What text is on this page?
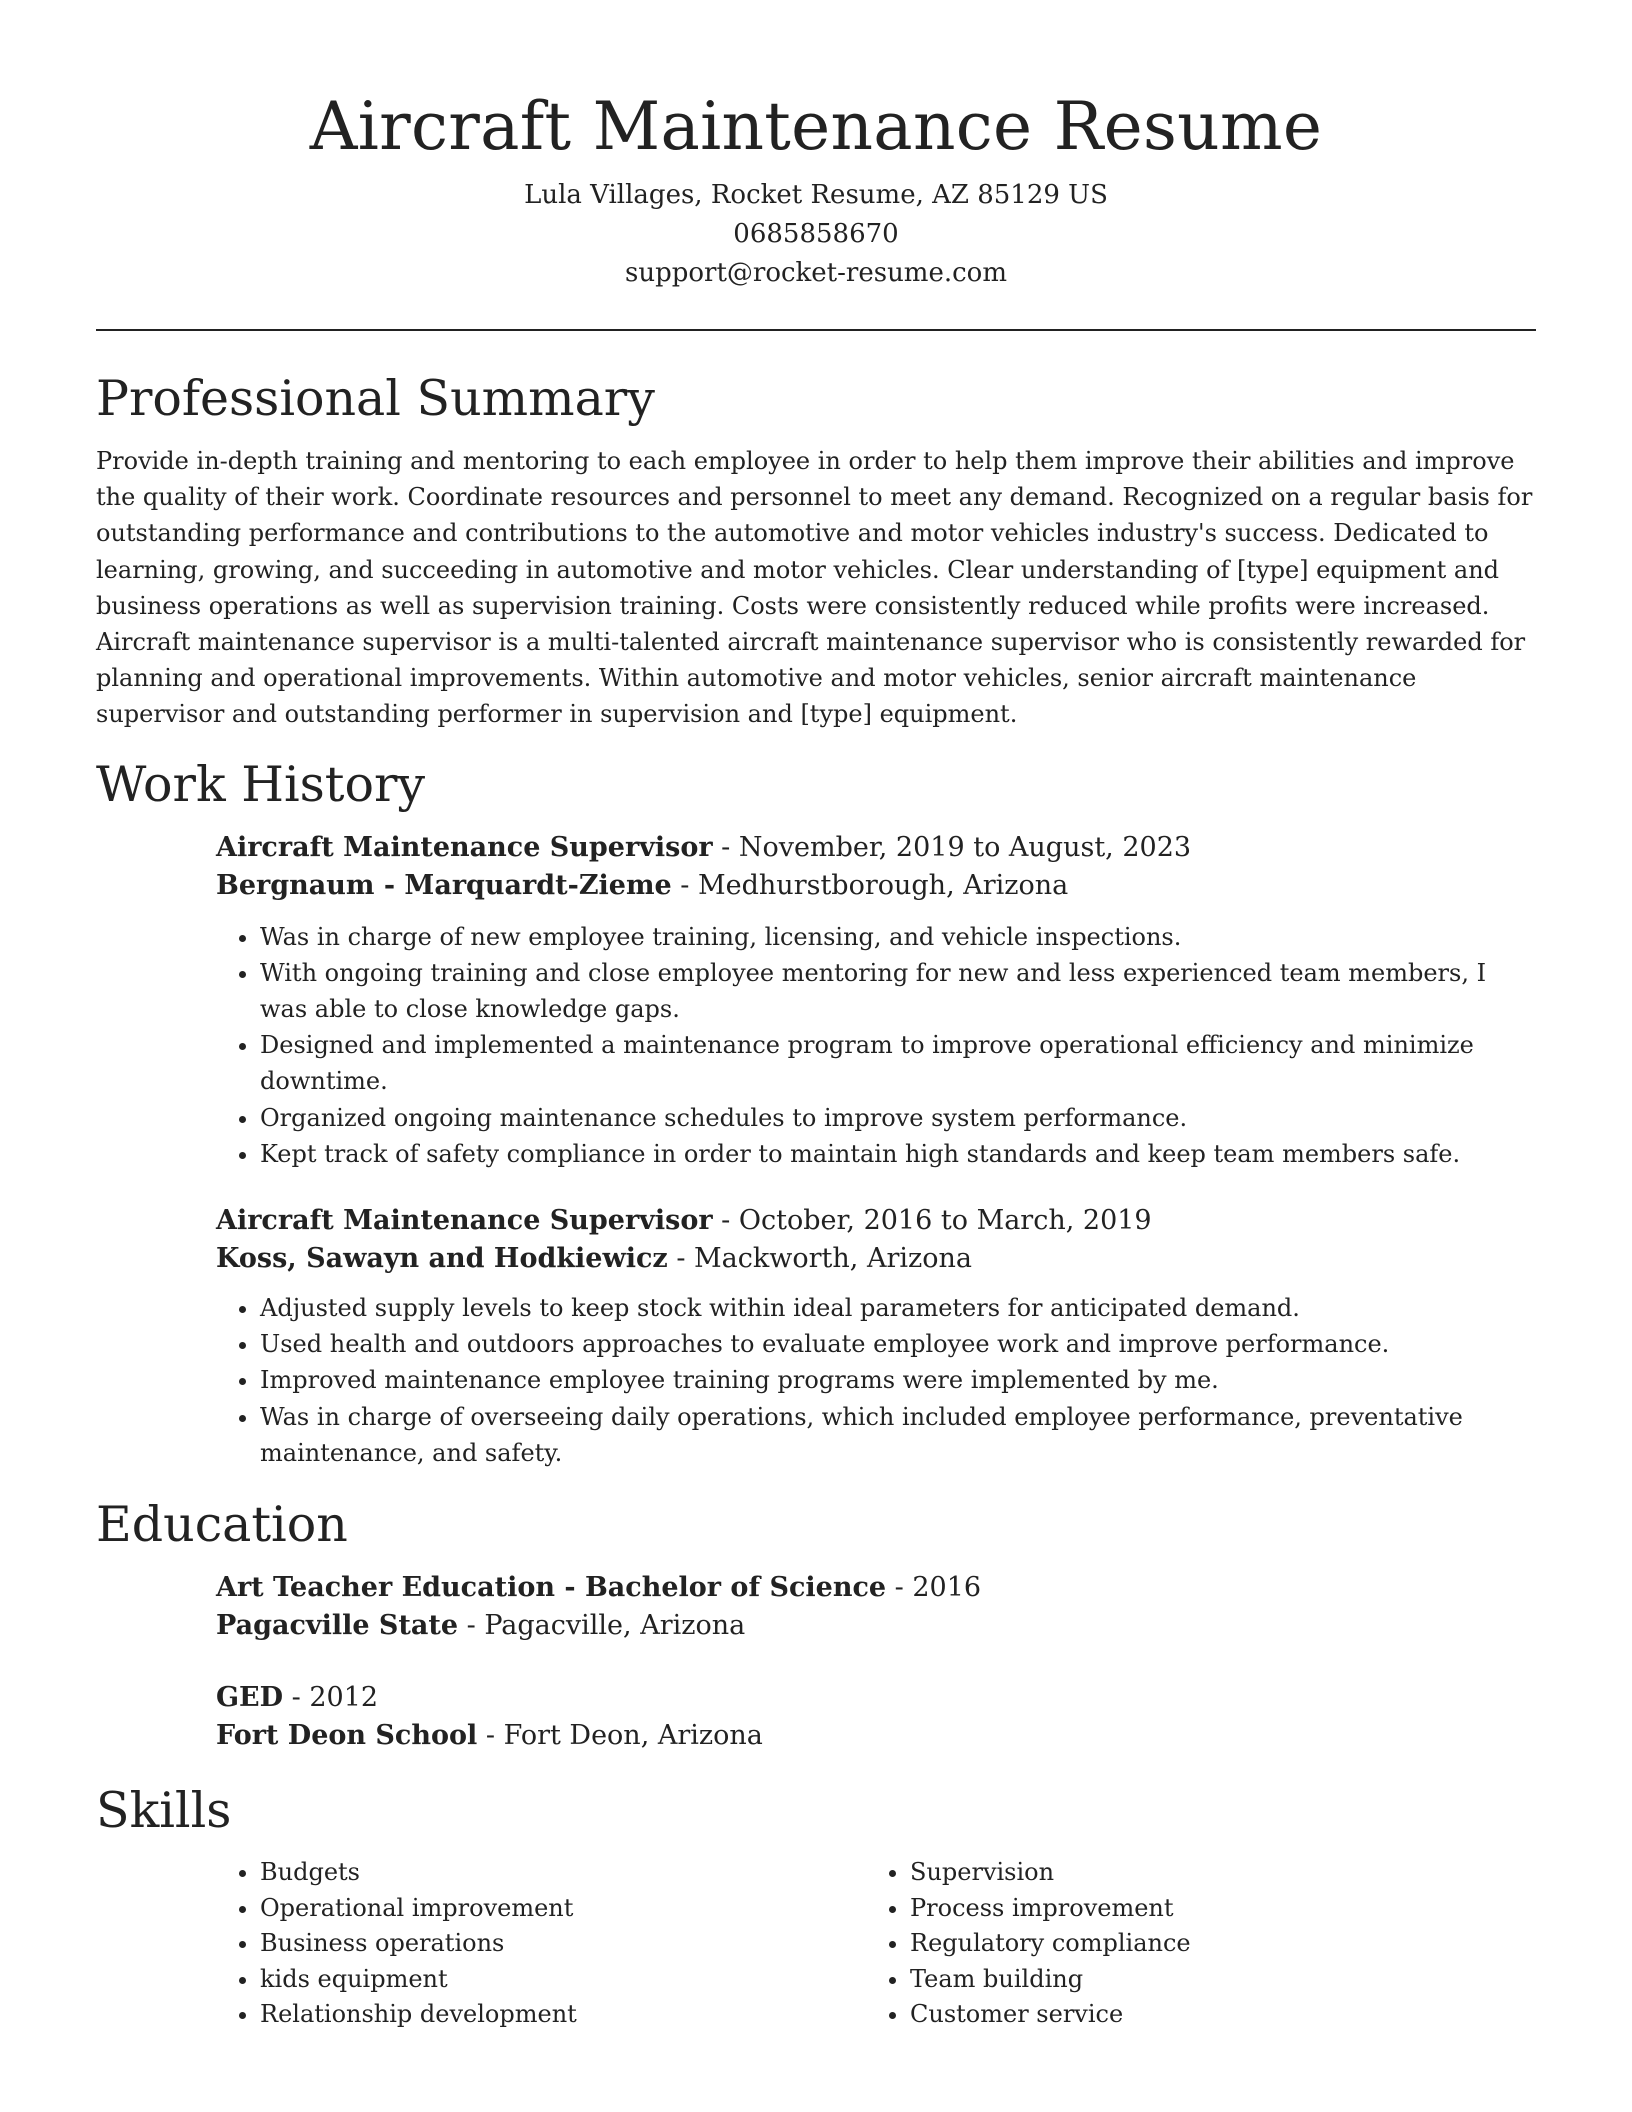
Aircraft Maintenance Resume

Lula Villages, Rocket Resume, AZ 85129 US

0685858670

support@rocket-resume.com

Professional Summary

Provide in-depth training and mentoring to each employee in order to help them improve their abilities and improve the quality of their work. Coordinate resources and personnel to meet any demand. Recognized on a regular basis for outstanding performance and contributions to the automotive and motor vehicles industry's success. Dedicated to learning, growing, and succeeding in automotive and motor vehicles. Clear understanding of [type] equipment and business operations as well as supervision training. Costs were consistently reduced while profits were increased. Aircraft maintenance supervisor is a multi-talented aircraft maintenance supervisor who is consistently rewarded for planning and operational improvements. Within automotive and motor vehicles, senior aircraft maintenance supervisor and outstanding performer in supervision and [type] equipment.

Work History

Aircraft Maintenance Supervisor - November, 2019 to August, 2023

Bergnaum - Marquardt-Zieme - Medhurstborough, Arizona

• Was in charge of new employee training, licensing, and vehicle inspections.
• With ongoing training and close employee mentoring for new and less experienced team members, I was able to close knowledge gaps.
• Designed and implemented a maintenance program to improve operational efficiency and minimize downtime.
• Organized ongoing maintenance schedules to improve system performance.
• Kept track of safety compliance in order to maintain high standards and keep team members safe.

Aircraft Maintenance Supervisor - October, 2016 to March, 2019

Koss, Sawayn and Hodkiewicz - Mackworth, Arizona

• Adjusted supply levels to keep stock within ideal parameters for anticipated demand.
• Used health and outdoors approaches to evaluate employee work and improve performance.
• Improved maintenance employee training programs were implemented by me.
• Was in charge of overseeing daily operations, which included employee performance, preventative maintenance, and safety.
Education

Art Teacher Education - Bachelor of Science - 2016

Pagacville State - Pagacville, Arizona

GED - 2012

Fort Deon School - Fort Deon, Arizona

Skills
• Budgets
• Operational improvement
• Business operations
• kids equipment
• Relationship development
• Supervision
• Process improvement
• Regulatory compliance
• Team building
• Customer service
